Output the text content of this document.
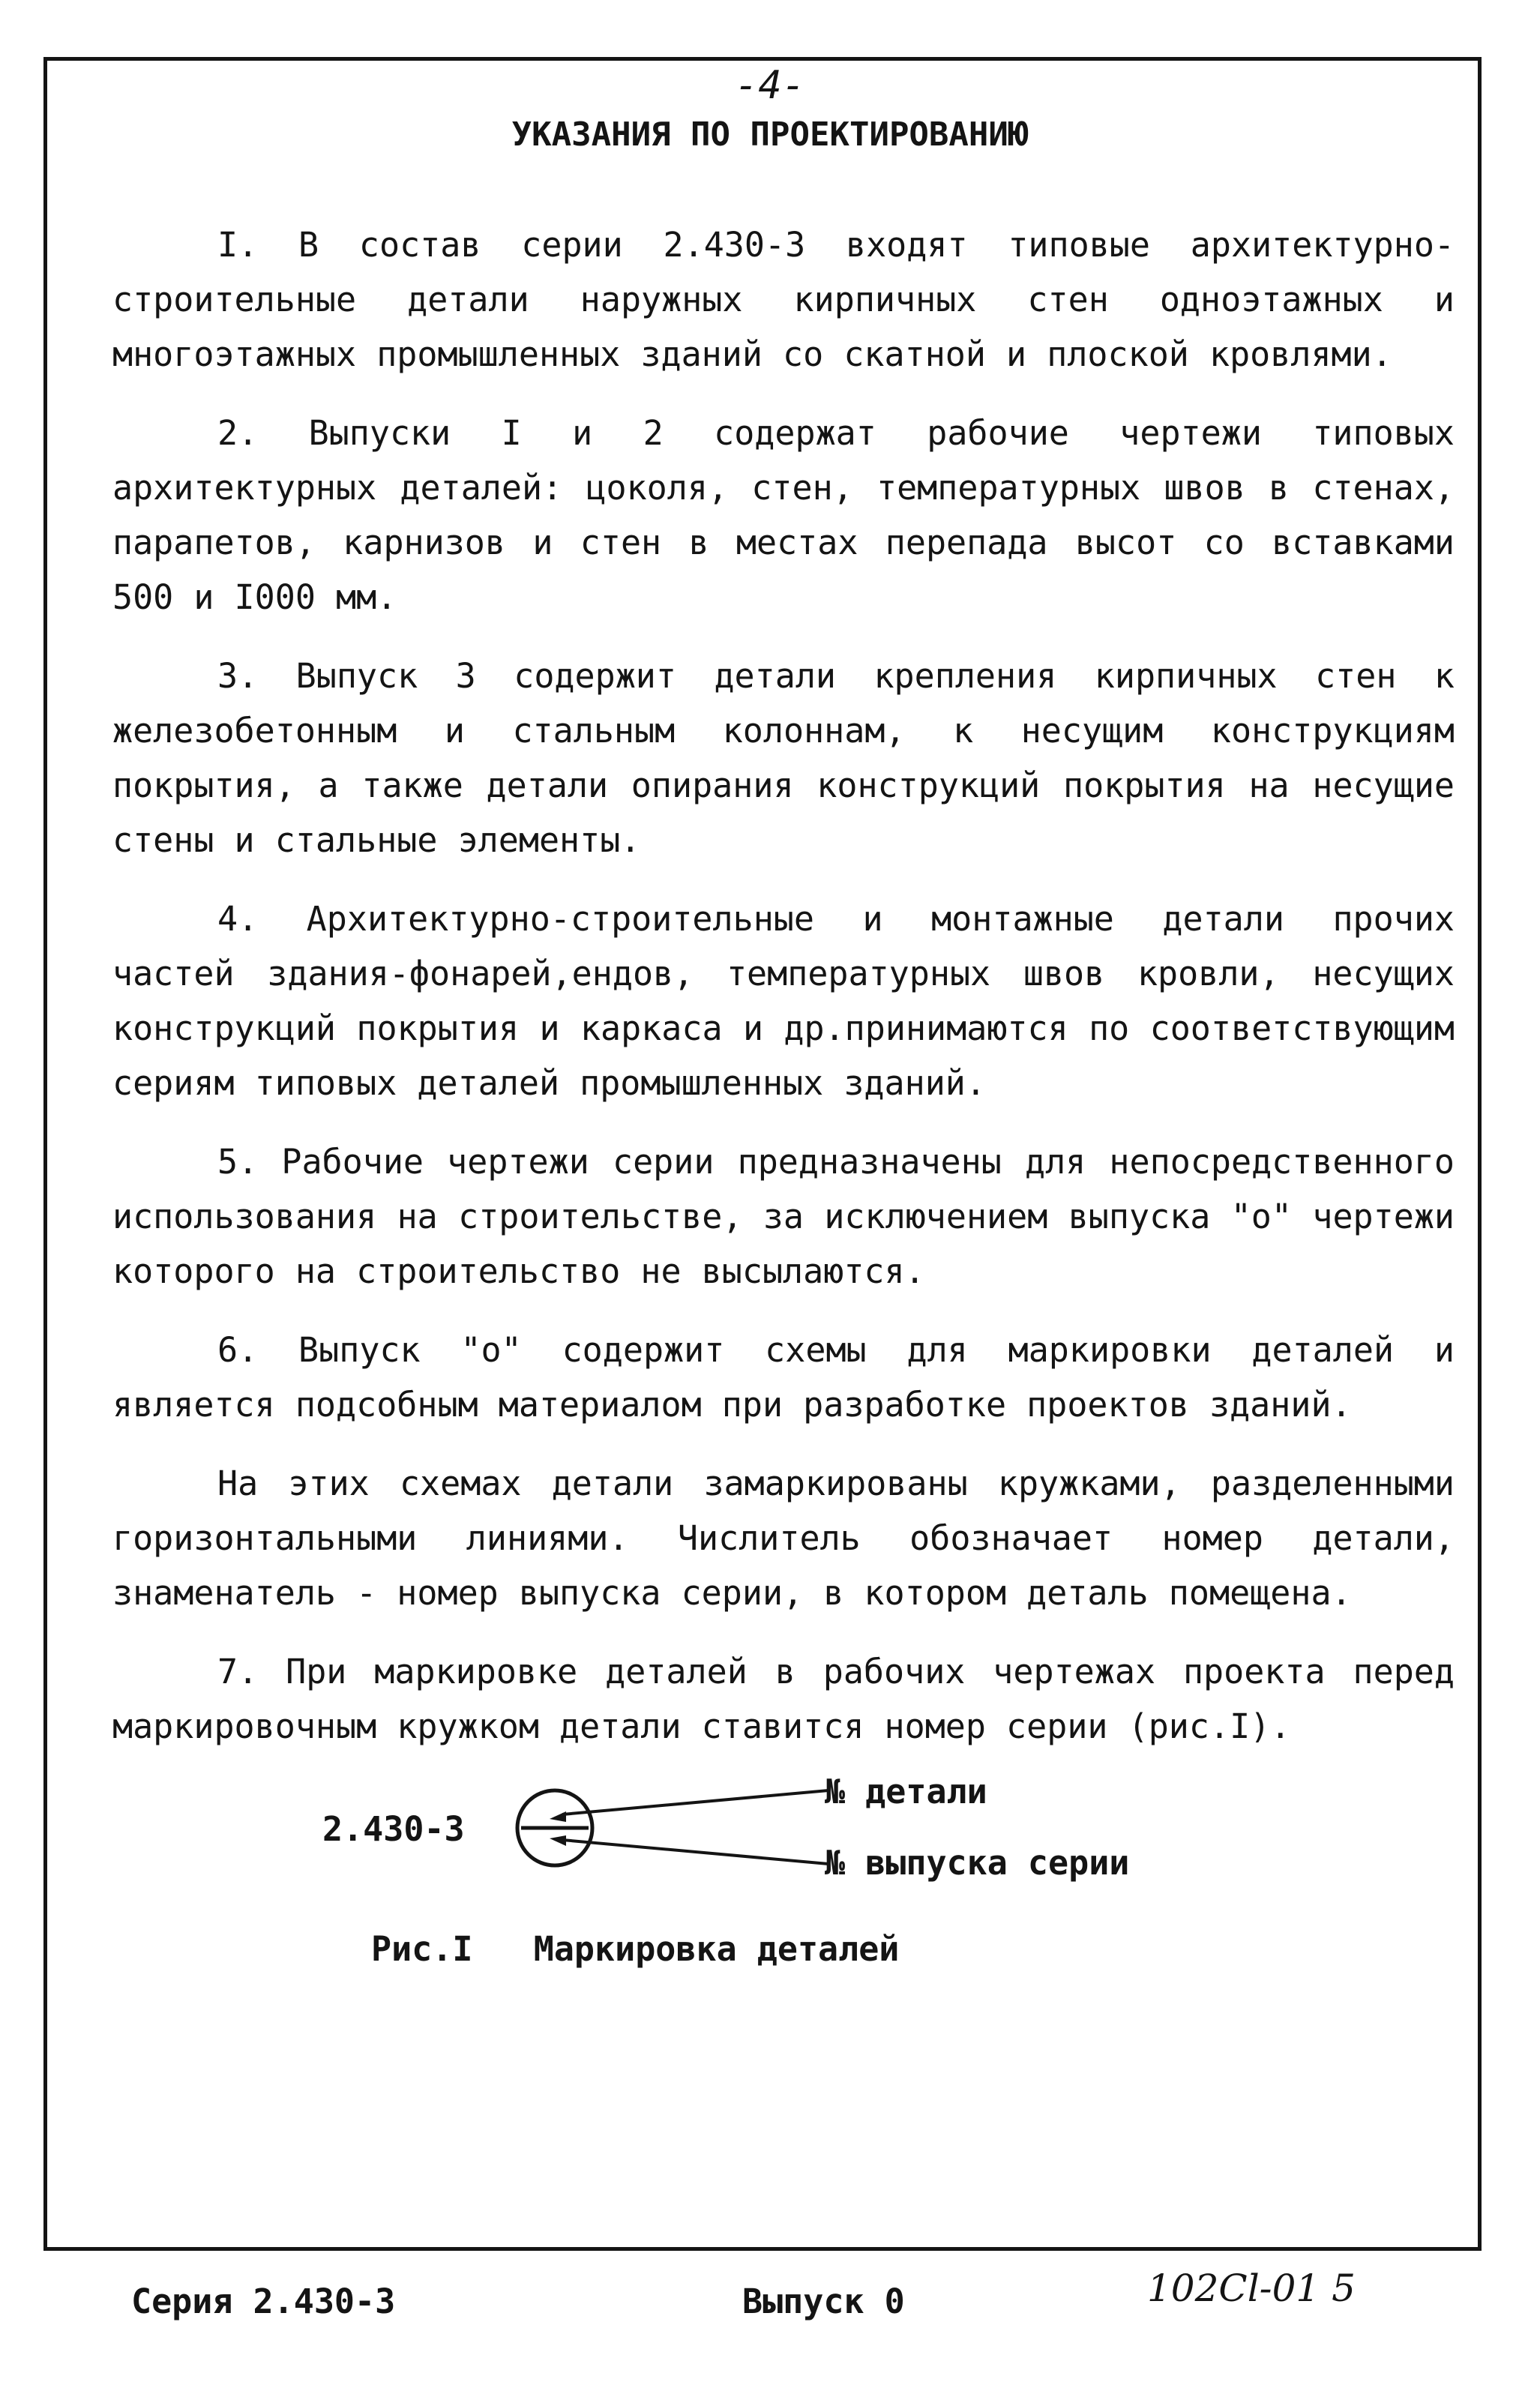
-4-
УКАЗАНИЯ ПО ПРОЕКТИРОВАНИЮ

I. В состав серии 2.430-3 входят типовые архитектурно-строительные детали наружных кирпичных стен одноэтажных и многоэтажных промышленных зданий со скатной и плоской кровлями.

2. Выпуски I и 2 содержат рабочие чертежи типовых архитектурных деталей: цоколя, стен, температурных швов в стенах, парапетов, карнизов и стен в местах перепада высот со вставками 500 и I000 мм.

3. Выпуск 3 содержит детали крепления кирпичных стен к железобетонным и стальным колоннам, к несущим конструкциям покрытия, а также детали опирания конструкций покрытия на несущие стены и стальные элементы.

4. Архитектурно-строительные и монтажные детали прочих частей здания-фонарей,ендов, температурных швов кровли, несущих конструкций покрытия и каркаса и др.принимаются по соответствующим сериям типовых деталей промышленных зданий.

5. Рабочие чертежи серии предназначены для непосредственного использования на строительстве, за исключением выпуска "о" чертежи которого на строительство не высылаются.

6. Выпуск "о" содержит схемы для маркировки деталей и является подсобным материалом при разработке проектов зданий.

На этих схемах детали замаркированы кружками, разделенными горизонтальными линиями. Числитель обозначает номер детали, знаменатель - номер выпуска серии, в котором деталь помещена.

7. При маркировке деталей в рабочих чертежах проекта перед маркировочным кружком детали ставится номер серии (рис.I).

2.430-3
№ детали
№ выпуска серии
Рис.I   Маркировка деталей
Серия 2.430-3	Выпуск 0	102Cl-01 5
